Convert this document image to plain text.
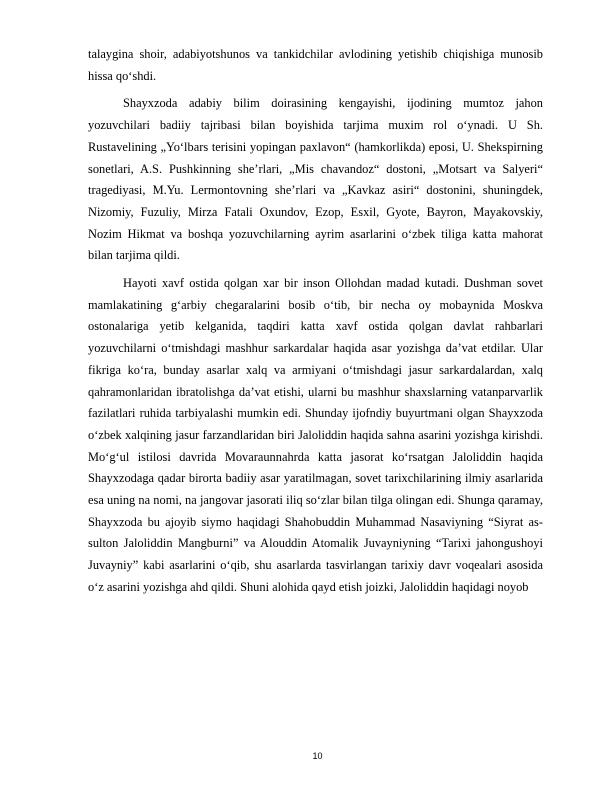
talaygina shoir, adabiyotshunos va tankidchilar avlodining yetishib chiqishiga munosib hissa qo‘shdi.

Shayxzoda adabiy bilim doirasining kengayishi, ijodining mumtoz jahon yozuvchilari badiiy tajribasi bilan boyishida tarjima muxim rol o‘ynadi. U Sh. Rustavelining „Yo‘lbars terisini yopingan paxlavon“ (hamkorlikda) eposi, U. Shekspirning sonetlari, A.S. Pushkinning she’rlari, „Mis chavandoz“ dostoni, „Motsart va Salyeri“ tragediyasi, M.Yu. Lermontovning she’rlari va „Kavkaz asiri“ dostonini, shuningdek, Nizomiy, Fuzuliy, Mirza Fatali Oxundov, Ezop, Esxil, Gyote, Bayron, Mayakovskiy, Nozim Hikmat va boshqa yozuvchilarning ayrim asarlarini o‘zbek tiliga katta mahorat bilan tarjima qildi.

Hayoti xavf ostida qolgan xar bir inson Ollohdan madad kutadi. Dushman sovet mamlakatining g‘arbiy chegaralarini bosib o‘tib, bir necha oy mobaynida Moskva ostonalariga yetib kelganida, taqdiri katta xavf ostida qolgan davlat rahbarlari yozuvchilarni o‘tmishdagi mashhur sarkardalar haqida asar yozishga da’vat etdilar. Ular fikriga ko‘ra, bunday asarlar xalq va armiyani o‘tmishdagi jasur sarkardalardan, xalq qahramonlaridan ibratolishga da’vat etishi, ularni bu mashhur shaxslarning vatanparvarlik fazilatlari ruhida tarbiyalashi mumkin edi. Shunday ijofndiy buyurtmani olgan Shayxzoda o‘zbek xalqining jasur farzandlaridan biri Jaloliddin haqida sahna asarini yozishga kirishdi. Mo‘g‘ul istilosi davrida Movaraunnahrda katta jasorat ko‘rsatgan Jaloliddin haqida Shayxzodaga qadar birorta badiiy asar yaratilmagan, sovet tarixchilarining ilmiy asarlarida esa uning na nomi, na jangovar jasorati iliq so‘zlar bilan tilga olingan edi. Shunga qaramay, Shayxzoda bu ajoyib siymo haqidagi Shahobuddin Muhammad Nasaviyning “Siyrat as-sulton Jaloliddin Mangburni” va Alouddin Atomalik Juvayniyning “Tarixi jahongushoyi Juvayniy” kabi asarlarini o‘qib, shu asarlarda tasvirlangan tarixiy davr voqealari asosida o‘z asarini yozishga ahd qildi. Shuni alohida qayd etish joizki, Jaloliddin haqidagi noyob

10
